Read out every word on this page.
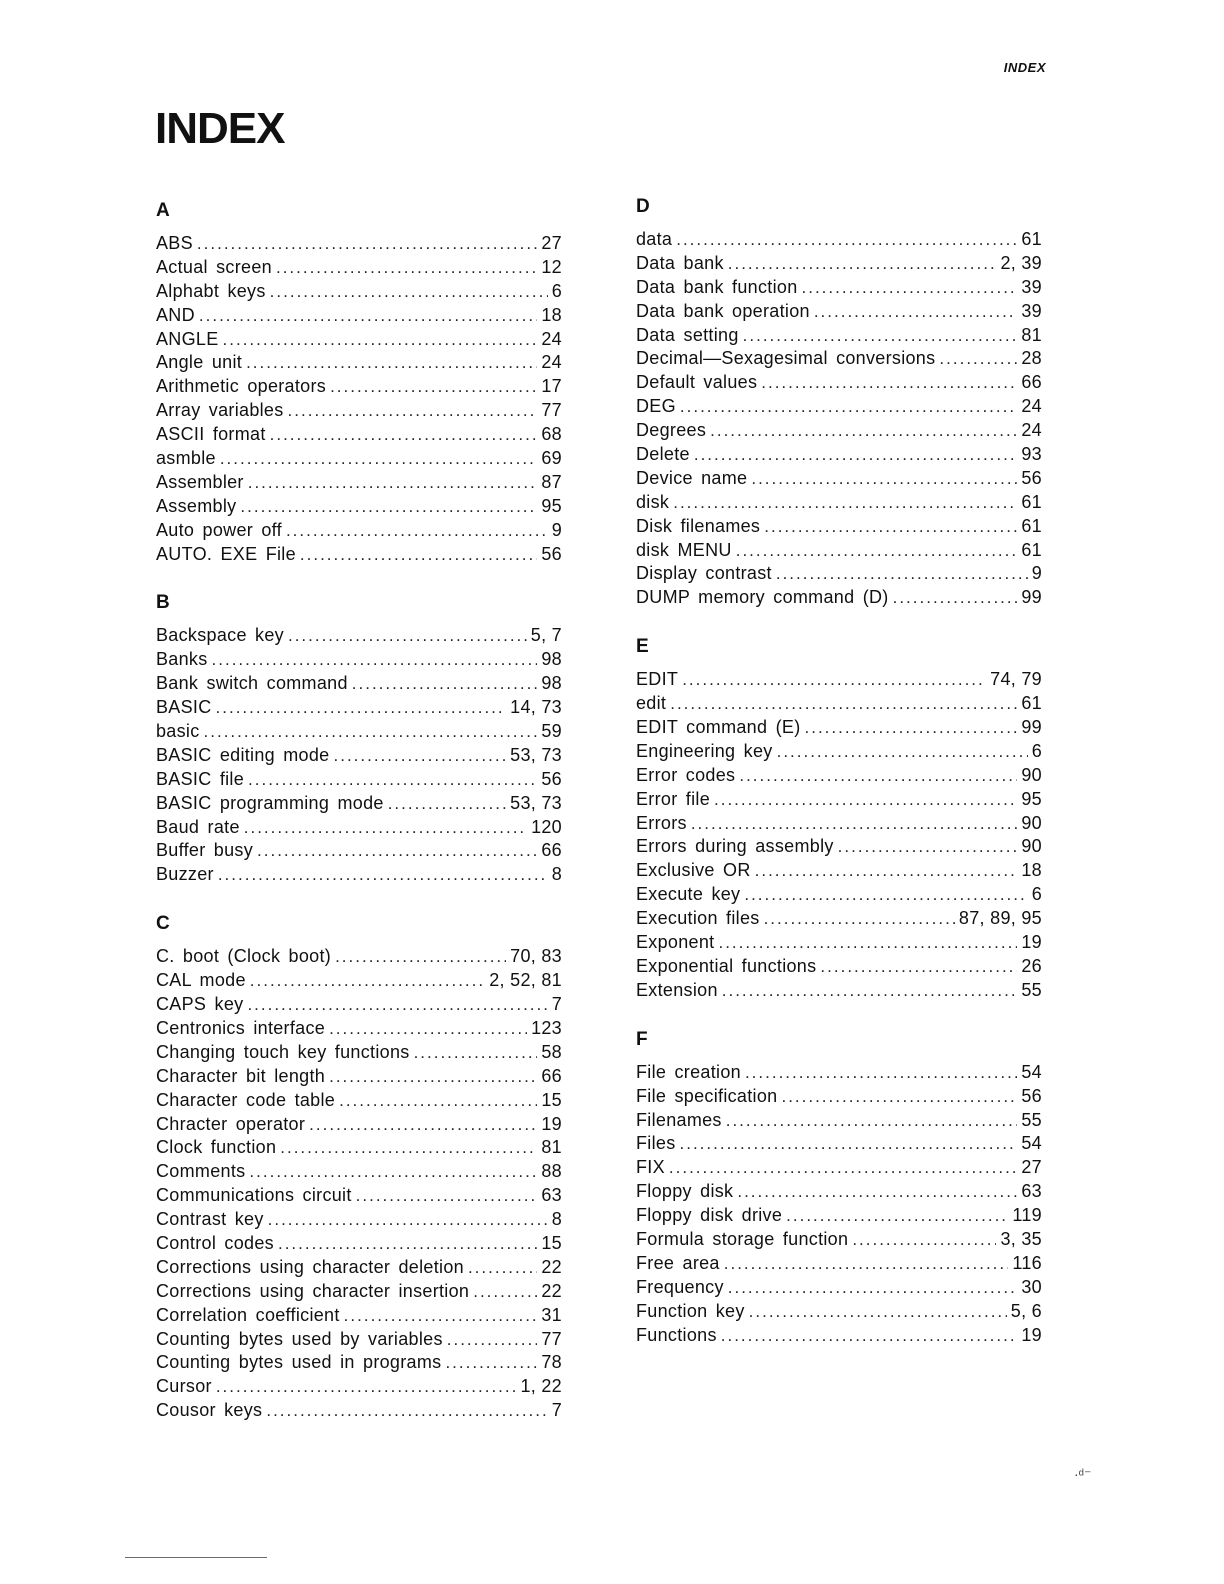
INDEX
INDEX
A
ABS .....	27
Actual screen .....	12
Alphabt keys .....	6
AND .....	18
ANGLE .....	24
Angle unit .....	24
Arithmetic operators .....	17
Array variables .....	77
ASCII format .....	68
asmble .....	69
Assembler .....	87
Assembly .....	95
Auto power off .....	9
AUTO. EXE File .....	56
B
Backspace key .....	5, 7
Banks .....	98
Bank switch command .....	98
BASIC .....	14, 73
basic .....	59
BASIC editing mode .....	53, 73
BASIC file .....	56
BASIC programming mode .....	53, 73
Baud rate .....	120
Buffer busy .....	66
Buzzer .....	8
C
C. boot (Clock boot) .....	70, 83
CAL mode .....	2, 52, 81
CAPS key .....	7
Centronics interface .....	123
Changing touch key functions .....	58
Character bit length .....	66
Character code table .....	15
Chracter operator .....	19
Clock function .....	81
Comments .....	88
Communications circuit .....	63
Contrast key .....	8
Control codes .....	15
Corrections using character deletion .....	22
Corrections using character insertion .....	22
Correlation coefficient .....	31
Counting bytes used by variables .....	77
Counting bytes used in programs .....	78
Cursor .....	1, 22
Cousor keys .....	7
D
data .....	61
Data bank .....	2, 39
Data bank function .....	39
Data bank operation .....	39
Data setting .....	81
Decimal—Sexagesimal conversions .....	28
Default values .....	66
DEG .....	24
Degrees .....	24
Delete .....	93
Device name .....	56
disk .....	61
Disk filenames .....	61
disk MENU .....	61
Display contrast .....	9
DUMP memory command (D) .....	99
E
EDIT .....	74, 79
edit .....	61
EDIT command (E) .....	99
Engineering key .....	6
Error codes .....	90
Error file .....	95
Errors .....	90
Errors during assembly .....	90
Exclusive OR .....	18
Execute key .....	6
Execution files .....	87, 89, 95
Exponent .....	19
Exponential functions .....	26
Extension .....	55
F
File creation .....	54
File specification .....	56
Filenames .....	55
Files .....	54
FIX .....	27
Floppy disk .....	63
Floppy disk drive .....	119
Formula storage function .....	3, 35
Free area .....	116
Frequency .....	30
Function key .....	5, 6
Functions .....	19
·ᵈ⁻
